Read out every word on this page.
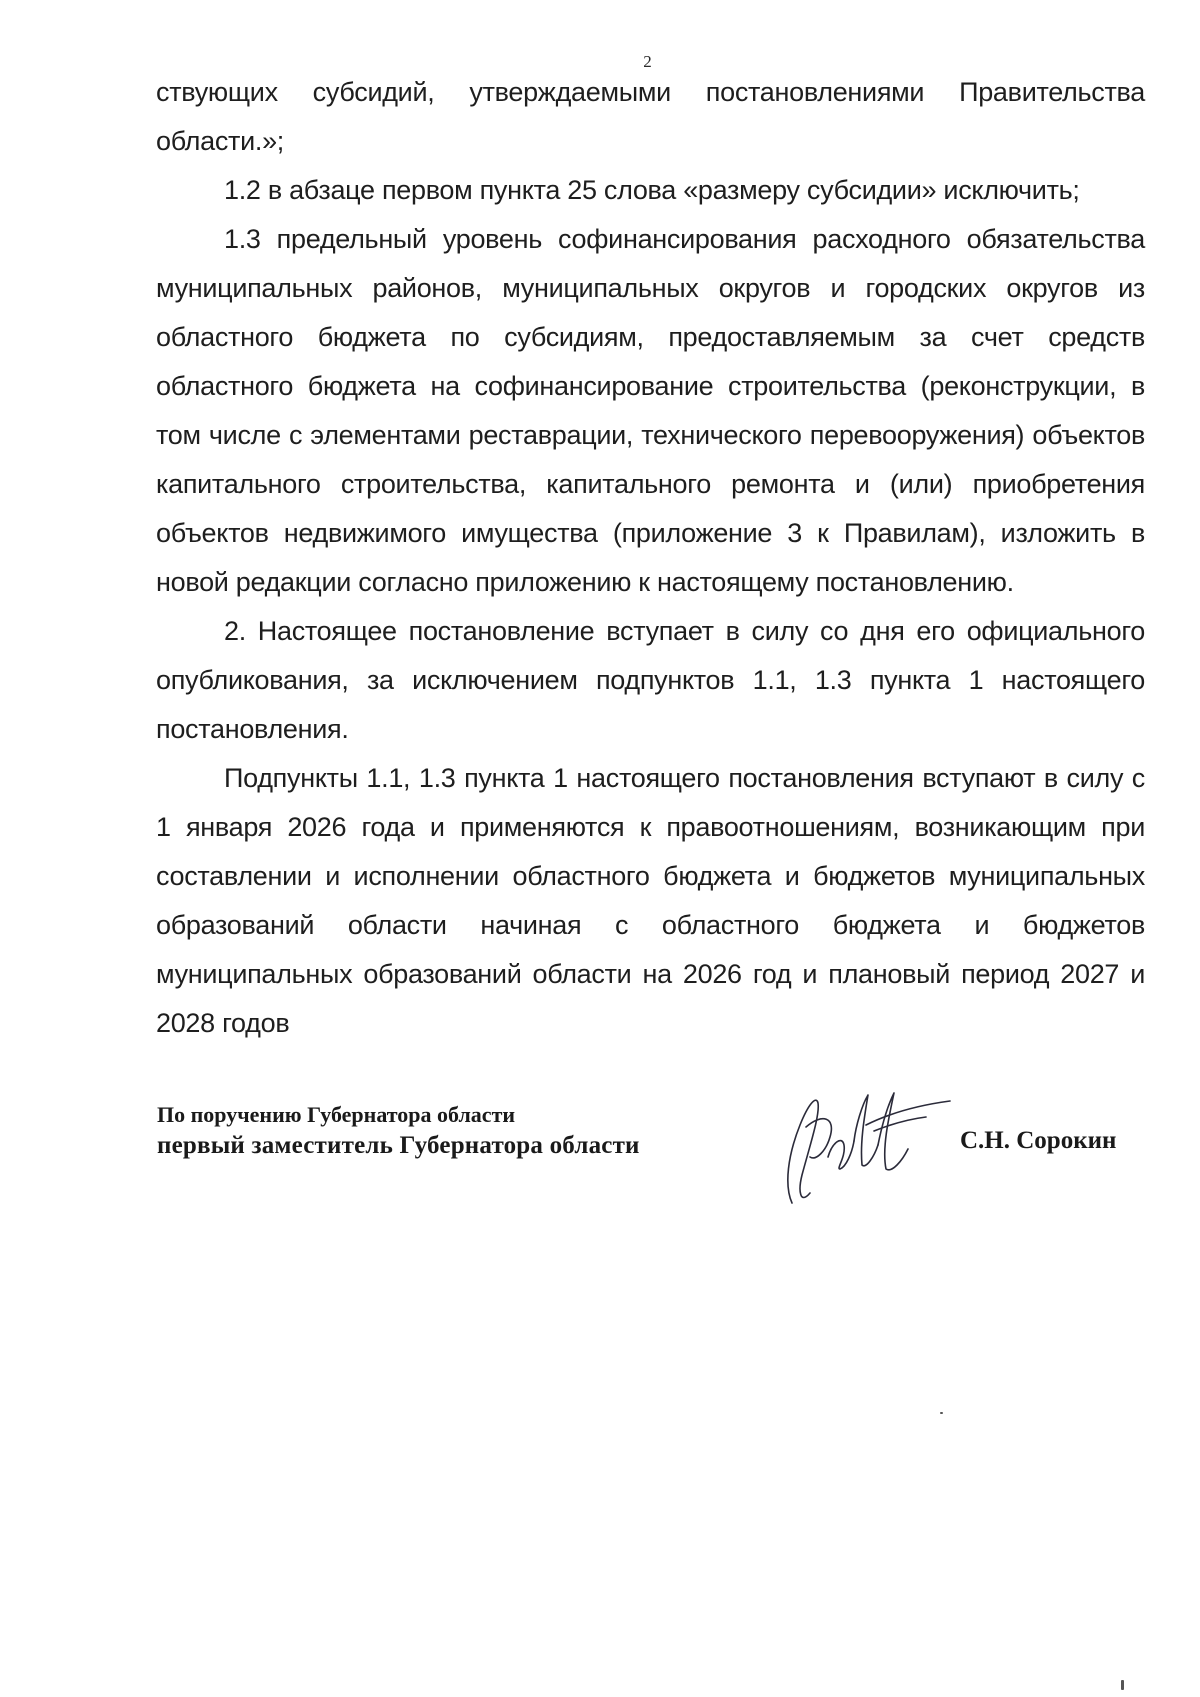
2

ствующих субсидий, утверждаемыми постановлениями Правительства области.»;

1.2 в абзаце первом пункта 25 слова «размеру субсидии» исключить;

1.3 предельный уровень софинансирования расходного обязательства муниципальных районов, муниципальных округов и городских округов из областного бюджета по субсидиям, предоставляемым за счет средств областного бюджета на софинансирование строительства (реконструкции, в том числе с элементами реставрации, технического перевооружения) объектов капитального строительства, капитального ремонта и (или) приобретения объектов недвижимого имущества (приложение 3 к Правилам), изложить в новой редакции согласно приложению к настоящему постановлению.

2. Настоящее постановление вступает в силу со дня его официального опубликования, за исключением подпунктов 1.1, 1.3 пункта 1 настоящего постановления.

Подпункты 1.1, 1.3 пункта 1 настоящего постановления вступают в силу с 1 января 2026 года и применяются к правоотношениям, возникающим при составлении и исполнении областного бюджета и бюджетов муниципальных образований области начиная с областного бюджета и бюджетов муниципальных образований области на 2026 год и плановый период 2027 и 2028 годов

По поручению Губернатора области
первый заместитель Губернатора области	С.Н. Сорокин
